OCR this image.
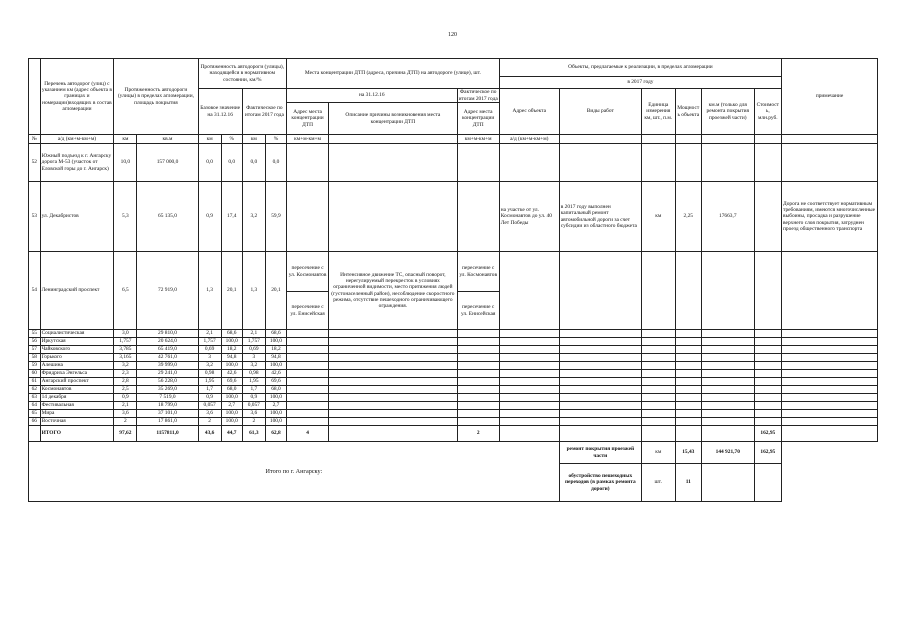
120
	Перечень автодорог (улиц) с указанием км (адрес объекта в границах и номерации)входящих в состав агломерации	Протяженность автодороги (улицы) в пределах агломерации, площадь покрытия		Протяженность автодороги (улицы), находящейся в нормативном состоянии, км/%				Места концентрации ДТП (адреса, причина ДТП) на автодороге (улице), шт.			Объекты, предлагаемые к реализации, в пределах агломерации						примечание
											в 2017 году						
				Базовое значение на 31.12.16		Фактическое по итогам 2017 года		на 31.12.16		Фактическое по итогам 2017 года	Адрес объекта	Виды работ	Единица измерения км, шт., п.м.	Мощность объекта	км.м (только для ремонта покрытия проезжей части)	Стоимость, млн.руб.	
								Адрес места концентрации ДТП	Описание причины возникновения места концентрации ДТП	Адрес места концентрации ДТП							
№	а/д (км+м-км+м)	км	кв.м	км	%	км	%	км+м-км+м		км+м-км+м	а/д (км+м-км+м)						
52	Южный подъезд к г. Ангарску дорога М-53 (участок от Еловской горы до г. Ангарск)	10,0	157 000,0	0,0	0,0	0,0	0,0										
53	ул. Декабристов	5,3	65 135,0	0,9	17,4	3,2	59,9				на участке от ул. Космонавтов до ул. 40 Лет Победы	в 2017 году выполнен капитальный ремонт автомобильной дороги за счет субсидии из областного бюджета	км	2,25	17663,7		Дорога не соответствует нормативным требованиям, имеются многочисленные выбоины, просадка и разрушение верхнего слоя покрытия, затруднен проезд общественного транспорта
54	Ленинградский проспект	6,5	72 919,0	1,3	20,1	1,3	20,1	пересечение с ул. Космонавтов	Интенсивное движение ТС, опасный поворот, нерегулируемый перекресток в условиях ограниченной видимости, место притяжения людей (густонаселенный район), несоблюдение скоростного режима, отсутствие пешеходного ограничивающего ограждения.	пересечение с ул. Космонавтов							
								пересечение с ул. Енисейская		пересечение с ул. Енисейская							
55	Социалистическая	3,0	29 810,0	2,1	68,6	2,1	68,6										
56	Иркутская	1,757	20 624,0	1,757	100,0	1,757	100,0										
57	Чайковского	3,785	65 419,0	0,69	18,2	0,69	18,2										
58	Горького	3,165	42 761,0	3	94,8	3	94,8										
59	Алешина	3,2	39 999,0	3,2	100,0	3,2	100,0										
60	Фридриха Энгельса	2,3	29 241,0	0,98	42,6	0,98	42,6										
61	Ангарский проспект	2,8	56 228,0	1,95	69,6	1,95	69,6										
62	Космонавтов	2,5	35 269,0	1,7	68,0	1,7	68,0										
63	14 декабря	0,9	7 519,0	0,9	100,0	0,9	100,0										
64	Фестивальная	2,1	18 799,0	0,057	2,7	0,057	2,7										
65	Мира	3,6	37 101,0	3,6	100,0	3,6	100,0										
66	Восточная	2	17 861,0	2	100,0	2	100,0										
	ИТОГО	97,62	1157811,0	43,6	44,7	61,3	62,8	4		2						162,95	
Итого по г. Ангарску:												ремонт покрытия проезжей части	км	15,43	144 921,70	162,95	
												обустройство пешеходных переходов (в рамках ремонта дороги)	шт.	11			
